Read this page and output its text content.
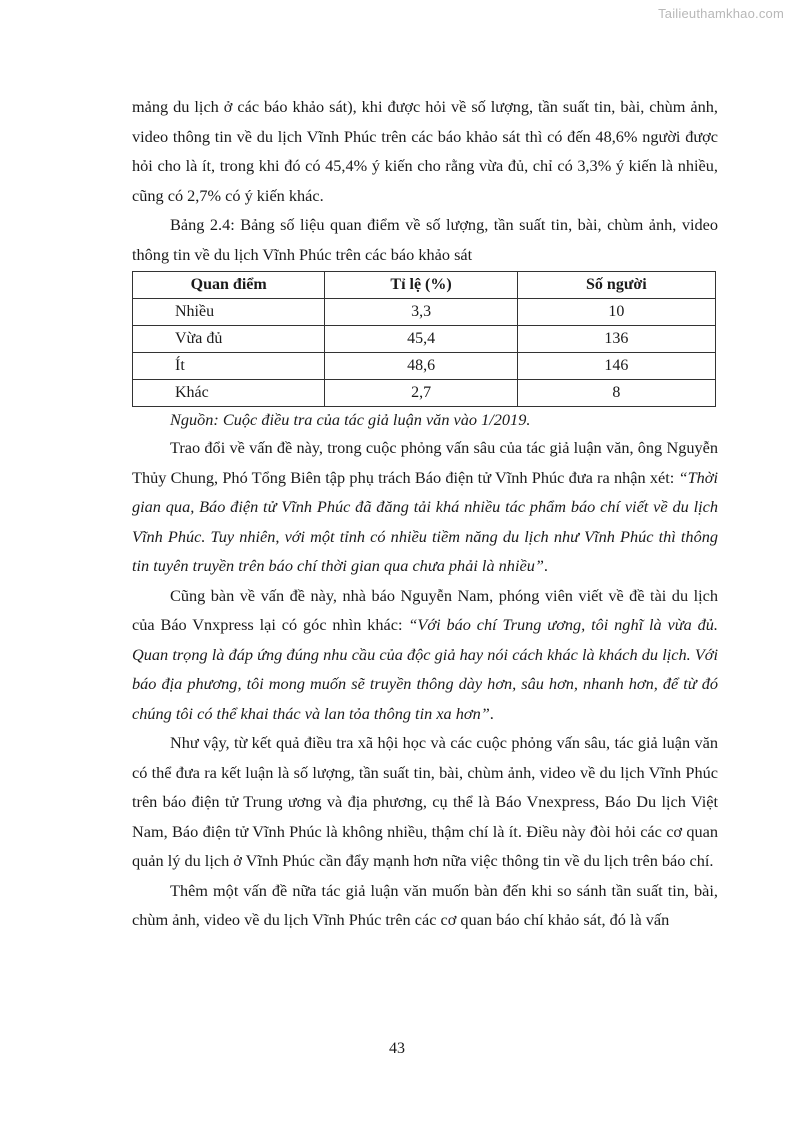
Tailieuthamkhao.com

mảng du lịch ở các báo khảo sát), khi được hỏi về số lượng, tần suất tin, bài, chùm ảnh, video thông tin về du lịch Vĩnh Phúc trên các báo khảo sát thì có đến 48,6% người được hỏi cho là ít, trong khi đó có 45,4% ý kiến cho rằng vừa đủ, chỉ có 3,3% ý kiến là nhiều, cũng có 2,7% có ý kiến khác.

Bảng 2.4: Bảng số liệu quan điểm về số lượng, tần suất tin, bài, chùm ảnh, video thông tin về du lịch Vĩnh Phúc trên các báo khảo sát

Quan điểm	Tỉ lệ (%)	Số người
Nhiều	3,3	10
Vừa đủ	45,4	136
Ít	48,6	146
Khác	2,7	8

Nguồn: Cuộc điều tra của tác giả luận văn vào 1/2019.

Trao đổi về vấn đề này, trong cuộc phỏng vấn sâu của tác giả luận văn, ông Nguyễn Thủy Chung, Phó Tổng Biên tập phụ trách Báo điện tử Vĩnh Phúc đưa ra nhận xét: “Thời gian qua, Báo điện tử Vĩnh Phúc đã đăng tải khá nhiều tác phẩm báo chí viết về du lịch Vĩnh Phúc. Tuy nhiên, với một tỉnh có nhiều tiềm năng du lịch như Vĩnh Phúc thì thông tin tuyên truyền trên báo chí thời gian qua chưa phải là nhiều”.

Cũng bàn về vấn đề này, nhà báo Nguyễn Nam, phóng viên viết về đề tài du lịch của Báo Vnxpress lại có góc nhìn khác: “Với báo chí Trung ương, tôi nghĩ là vừa đủ. Quan trọng là đáp ứng đúng nhu cầu của độc giả hay nói cách khác là khách du lịch. Với báo địa phương, tôi mong muốn sẽ truyền thông dày hơn, sâu hơn, nhanh hơn, để từ đó chúng tôi có thể khai thác và lan tỏa thông tin xa hơn”.

Như vậy, từ kết quả điều tra xã hội học và các cuộc phỏng vấn sâu, tác giả luận văn có thể đưa ra kết luận là số lượng, tần suất tin, bài, chùm ảnh, video về du lịch Vĩnh Phúc trên báo điện tử Trung ương và địa phương, cụ thể là Báo Vnexpress, Báo Du lịch Việt Nam, Báo điện tử Vĩnh Phúc là không nhiều, thậm chí là ít. Điều này đòi hỏi các cơ quan quản lý du lịch ở Vĩnh Phúc cần đẩy mạnh hơn nữa việc thông tin về du lịch trên báo chí.

Thêm một vấn đề nữa tác giả luận văn muốn bàn đến khi so sánh tần suất tin, bài, chùm ảnh, video về du lịch Vĩnh Phúc trên các cơ quan báo chí khảo sát, đó là vấn

43
